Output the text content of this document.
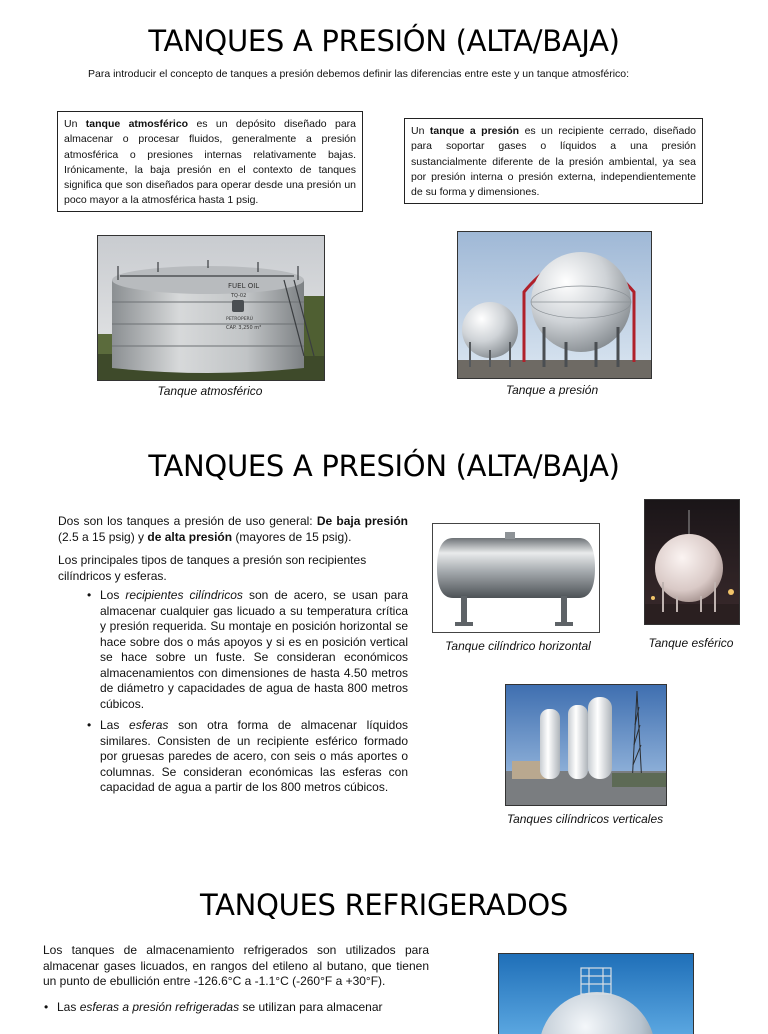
TANQUES A PRESIÓN (ALTA/BAJA)
Para introducir el concepto de tanques a presión debemos definir las diferencias entre este y un tanque atmosférico:
Un tanque atmosférico es un depósito diseñado para almacenar o procesar fluidos, generalmente a presión atmosférica o presiones internas relativamente bajas. Irónicamente, la baja presión en el contexto de tanques significa que son diseñados para operar desde una presión un poco mayor a la atmosférica hasta 1 psig.
Un tanque a presión es un recipiente cerrado, diseñado para soportar gases o líquidos a una presión sustancialmente diferente de la presión ambiental, ya sea por presión interna o presión externa, independientemente de su forma y dimensiones.
FUEL OIL
TQ-02
PETROPERÚ
CAP. 3,250 m³
Tanque atmosférico	Tanque a presión
TANQUES A PRESIÓN (ALTA/BAJA)
Dos son los tanques a presión de uso general: De baja presión (2.5 a 15 psig) y de alta presión (mayores de 15 psig).
Los principales tipos de tanques a presión son recipientes cilíndricos y esferas.
• Los recipientes cilíndricos son de acero, se usan para almacenar cualquier gas licuado a su temperatura crítica y presión requerida. Su montaje en posición horizontal se hace sobre dos o más apoyos y si es en posición vertical se hace sobre un fuste. Se consideran económicos almacenamientos con dimensiones de hasta 4.50 metros de diámetro y capacidades de agua de hasta 800 metros cúbicos.
• Las esferas son otra forma de almacenar líquidos similares. Consisten de un recipiente esférico formado por gruesas paredes de acero, con seis o más aportes o columnas. Se consideran económicas las esferas con capacidad de agua a partir de los 800 metros cúbicos.
Tanque cilíndrico horizontal	Tanque esférico
Tanques cilíndricos verticales
TANQUES REFRIGERADOS
Los tanques de almacenamiento refrigerados son utilizados para almacenar gases licuados, en rangos del etileno al butano, que tienen un punto de ebullición entre -126.6°C a -1.1°C (-260°F a +30°F).
• Las esferas a presión refrigeradas se utilizan para almacenar
